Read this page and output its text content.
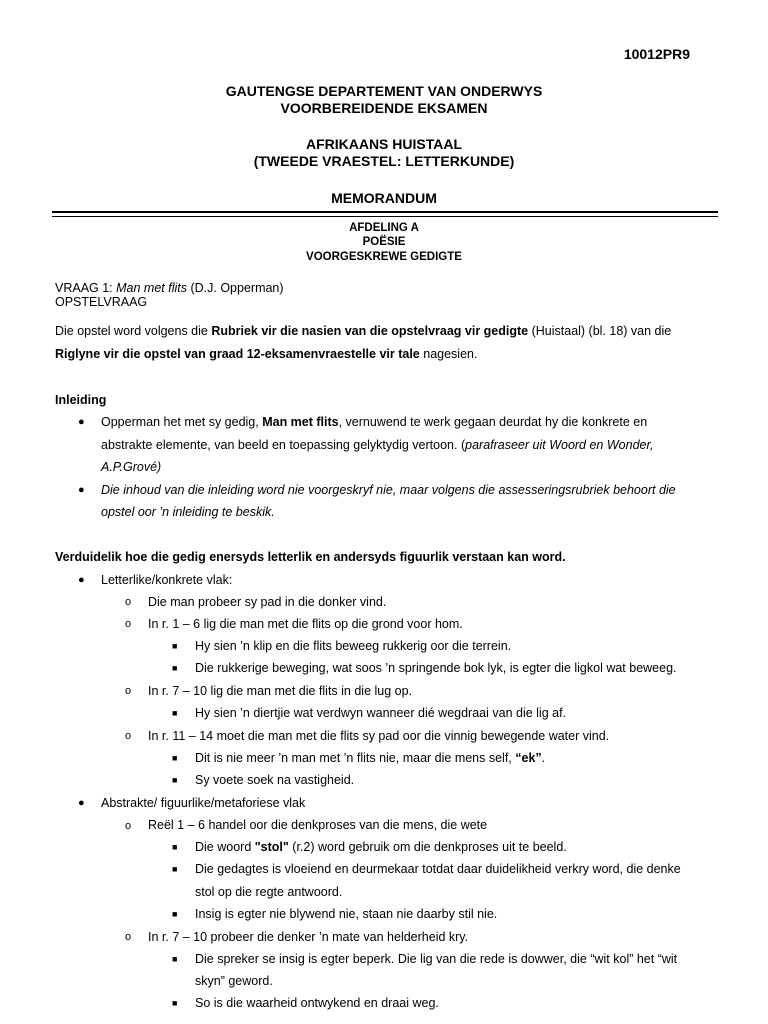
10012PR9
GAUTENGSE DEPARTEMENT VAN ONDERWYS
VOORBEREIDENDE EKSAMEN
AFRIKAANS HUISTAAL
(TWEEDE VRAESTEL: LETTERKUNDE)
MEMORANDUM
AFDELING A
POËSIE
VOORGESKREWE GEDIGTE
VRAAG 1: Man met flits (D.J. Opperman)
OPSTELVRAAG
Die opstel word volgens die Rubriek vir die nasien van die opstelvraag vir gedigte (Huistaal) (bl. 18) van die
Riglyne vir die opstel van graad 12-eksamenvraestelle vir tale nagesien.
Inleiding
● Opperman het met sy gedig, Man met flits, vernuwend te werk gegaan deurdat hy die konkrete en
abstrakte elemente, van beeld en toepassing gelyktydig vertoon. (parafraseer uit Woord en Wonder,
A.P.Grové)
● Die inhoud van die inleiding word nie voorgeskryf nie, maar volgens die assesseringsrubriek behoort die
opstel oor ’n inleiding te beskik.
Verduidelik hoe die gedig enersyds letterlik en andersyds figuurlik verstaan kan word.
● Letterlike/konkrete vlak:
o Die man probeer sy pad in die donker vind.
o In r. 1 – 6 lig die man met die flits op die grond voor hom.
■ Hy sien ’n klip en die flits beweeg rukkerig oor die terrein.
■ Die rukkerige beweging, wat soos ’n springende bok lyk, is egter die ligkol wat beweeg.
o In r. 7 – 10 lig die man met die flits in die lug op.
■ Hy sien ’n diertjie wat verdwyn wanneer dié wegdraai van die lig af.
o In r. 11 – 14 moet die man met die flits sy pad oor die vinnig bewegende water vind.
■ Dit is nie meer ’n man met ’n flits nie, maar die mens self, “ek”.
■ Sy voete soek na vastigheid.
● Abstrakte/ figuurlike/metaforiese vlak
o Reël 1 – 6 handel oor die denkproses van die mens, die wete
■ Die woord "stol" (r.2) word gebruik om die denkproses uit te beeld.
■ Die gedagtes is vloeiend en deurmekaar totdat daar duidelikheid verkry word, die denke
stol op die regte antwoord.
■ Insig is egter nie blywend nie, staan nie daarby stil nie.
o In r. 7 – 10 probeer die denker ’n mate van helderheid kry.
■ Die spreker se insig is egter beperk. Die lig van die rede is dowwer, die “wit kol” het “wit
skyn” geword.
■ So is die waarheid ontwykend en draai weg.
